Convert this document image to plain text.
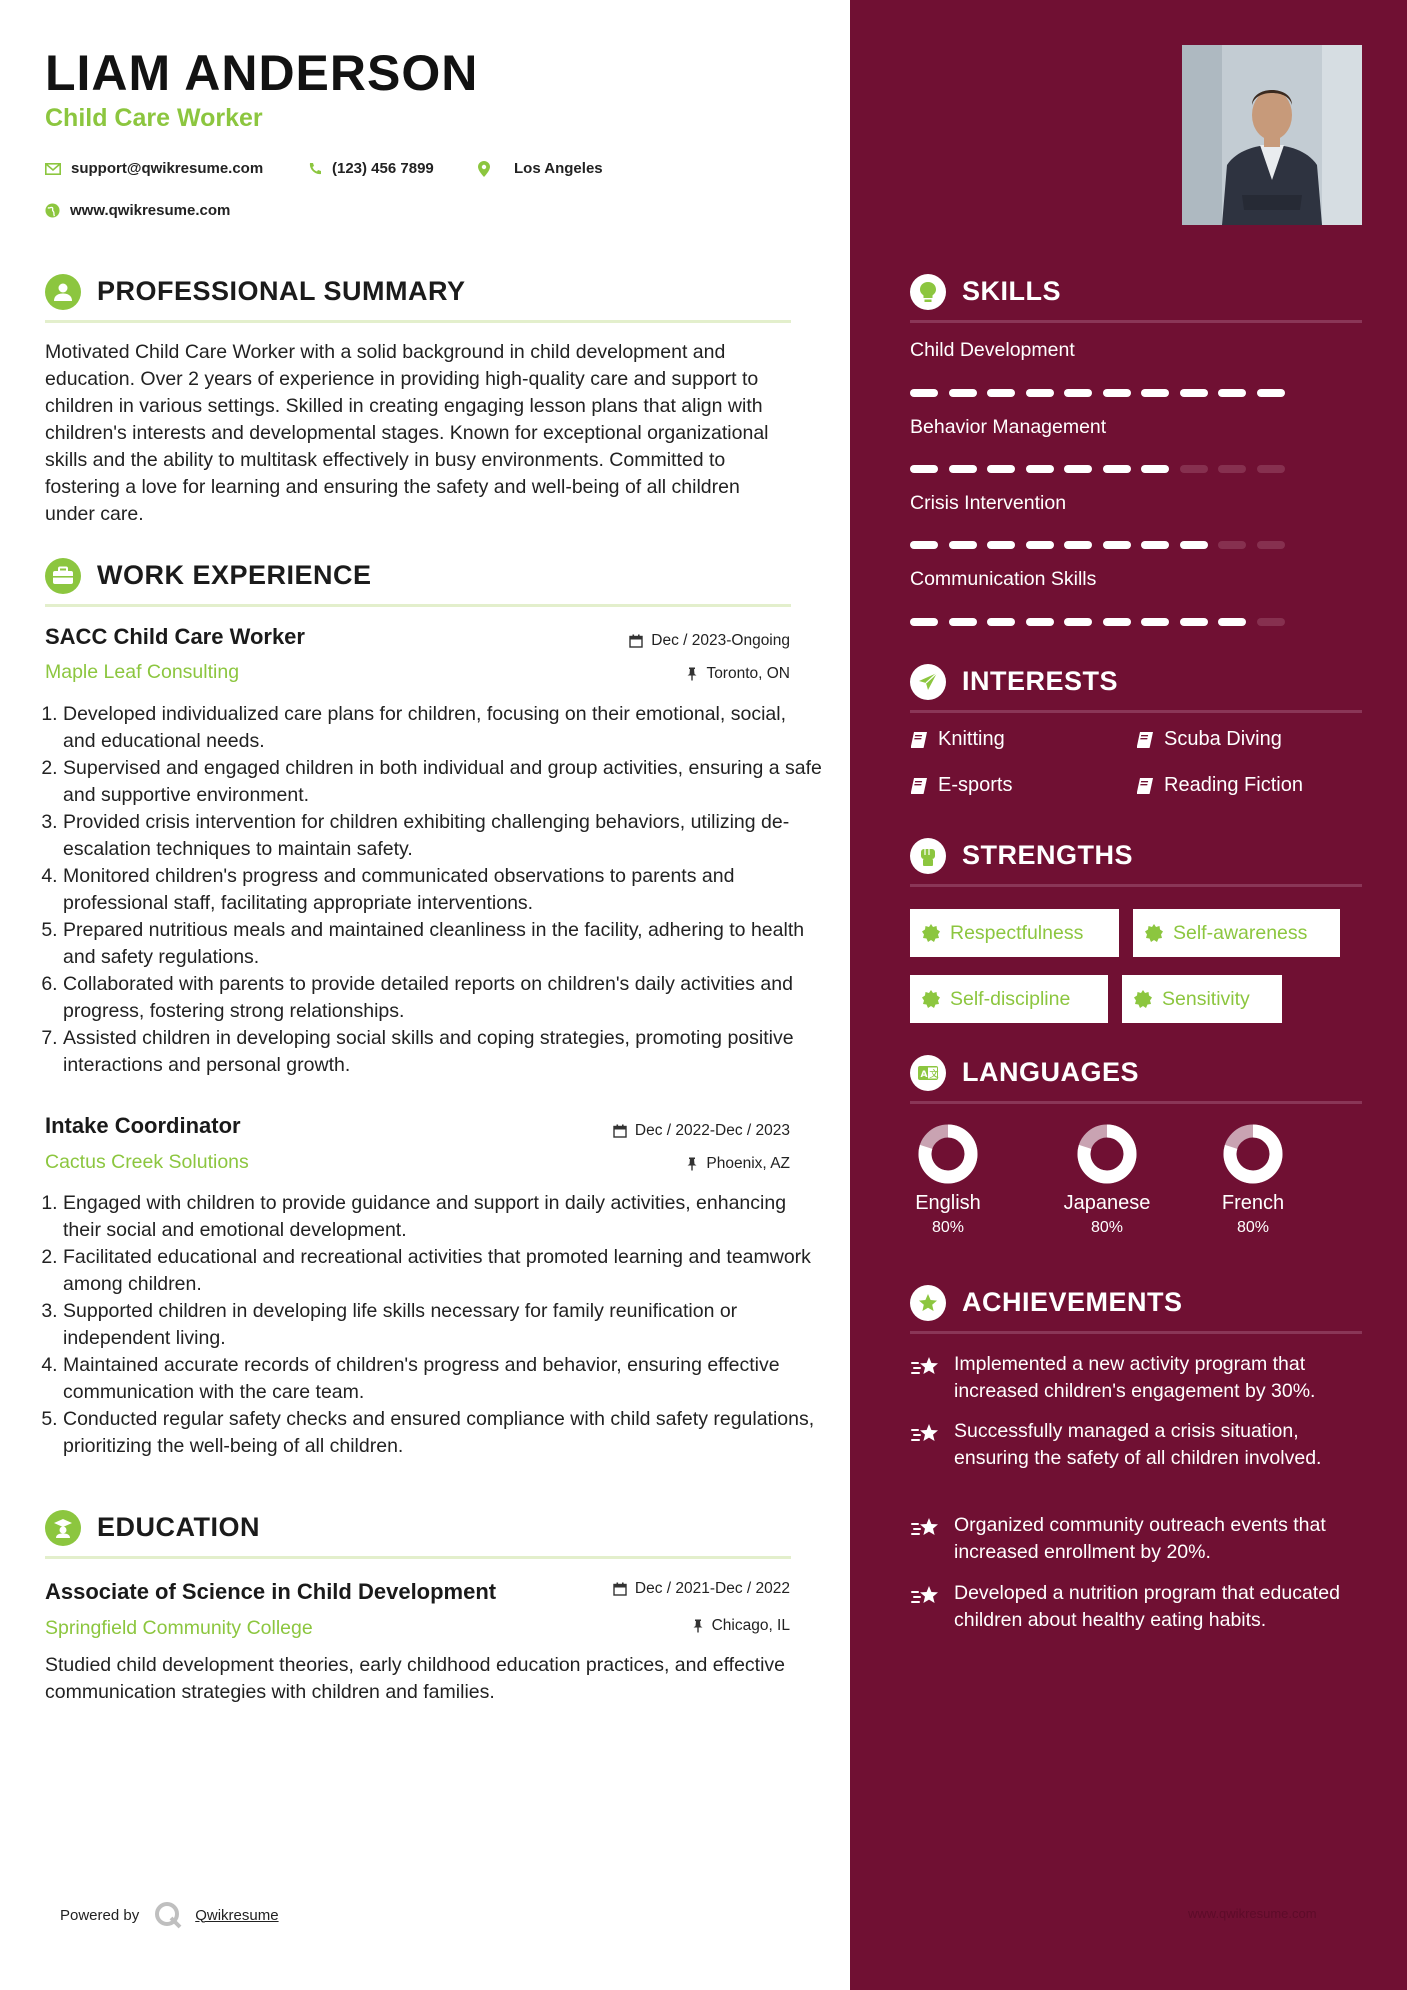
LIAM ANDERSON
Child Care Worker
support@qwikresume.com	(123) 456 7899	Los Angeles
www.qwikresume.com
PROFESSIONAL SUMMARY
Motivated Child Care Worker with a solid background in child development and education. Over 2 years of experience in providing high-quality care and support to children in various settings. Skilled in creating engaging lesson plans that align with children's interests and developmental stages. Known for exceptional organizational skills and the ability to multitask effectively in busy environments. Committed to fostering a love for learning and ensuring the safety and well-being of all children under care.
WORK EXPERIENCE
SACC Child Care Worker	Dec / 2023-Ongoing
Maple Leaf Consulting	Toronto, ON
1. Developed individualized care plans for children, focusing on their emotional, social, and educational needs.
2. Supervised and engaged children in both individual and group activities, ensuring a safe and supportive environment.
3. Provided crisis intervention for children exhibiting challenging behaviors, utilizing de-escalation techniques to maintain safety.
4. Monitored children's progress and communicated observations to parents and professional staff, facilitating appropriate interventions.
5. Prepared nutritious meals and maintained cleanliness in the facility, adhering to health and safety regulations.
6. Collaborated with parents to provide detailed reports on children's daily activities and progress, fostering strong relationships.
7. Assisted children in developing social skills and coping strategies, promoting positive interactions and personal growth.
Intake Coordinator	Dec / 2022-Dec / 2023
Cactus Creek Solutions	Phoenix, AZ
1. Engaged with children to provide guidance and support in daily activities, enhancing their social and emotional development.
2. Facilitated educational and recreational activities that promoted learning and teamwork among children.
3. Supported children in developing life skills necessary for family reunification or independent living.
4. Maintained accurate records of children's progress and behavior, ensuring effective communication with the care team.
5. Conducted regular safety checks and ensured compliance with child safety regulations, prioritizing the well-being of all children.
EDUCATION
Associate of Science in Child Development	Dec / 2021-Dec / 2022
Springfield Community College	Chicago, IL
Studied child development theories, early childhood education practices, and effective communication strategies with children and families.
Powered by	Qwikresume
SKILLS
Child Development
Behavior Management
Crisis Intervention
Communication Skills
INTERESTS
Knitting	Scuba Diving
E-sports	Reading Fiction
STRENGTHS
Respectfulness	Self-awareness
Self-discipline	Sensitivity
A 文 LANGUAGES
English
80%
Japanese
80%
French
80%
ACHIEVEMENTS
Implemented a new activity program that increased children's engagement by 30%.
Successfully managed a crisis situation, ensuring the safety of all children involved.
Organized community outreach events that increased enrollment by 20%.
Developed a nutrition program that educated children about healthy eating habits.
www.qwikresume.com
